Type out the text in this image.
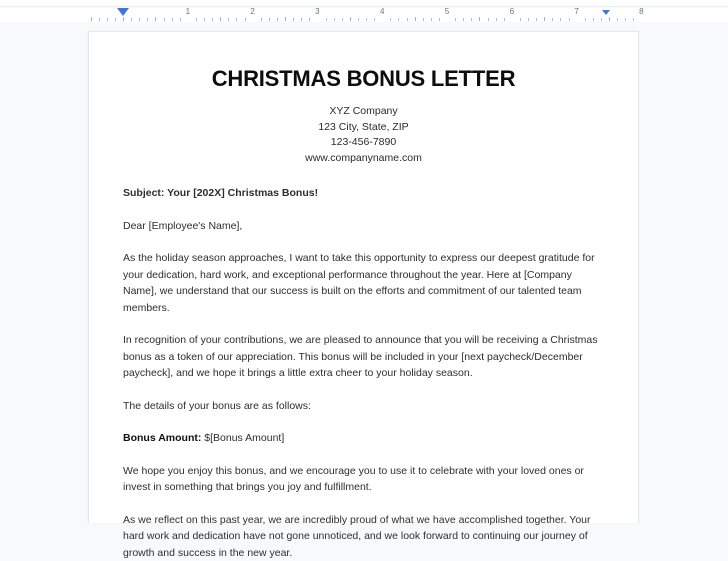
1	2	3	4	5	6	7	8
CHRISTMAS BONUS LETTER
XYZ Company
123 City, State, ZIP
123-456-7890
www.companyname.com

Subject: Your [202X] Christmas Bonus!

Dear [Employee's Name],

As the holiday season approaches, I want to take this opportunity to express our deepest gratitude for your dedication, hard work, and exceptional performance throughout the year. Here at [Company Name], we understand that our success is built on the efforts and commitment of our talented team members.

In recognition of your contributions, we are pleased to announce that you will be receiving a Christmas bonus as a token of our appreciation. This bonus will be included in your [next paycheck/December paycheck], and we hope it brings a little extra cheer to your holiday season.

The details of your bonus are as follows:

Bonus Amount: $[Bonus Amount]

We hope you enjoy this bonus, and we encourage you to use it to celebrate with your loved ones or invest in something that brings you joy and fulfillment.

As we reflect on this past year, we are incredibly proud of what we have accomplished together. Your hard work and dedication have not gone unnoticed, and we look forward to continuing our journey of growth and success in the new year.
